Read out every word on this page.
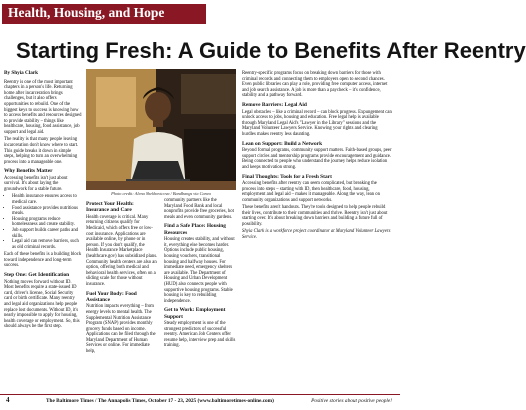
Health, Housing, and Hope
Starting Fresh: A Guide to Benefits After Reentry

By Shyia Clark

Reentry is one of the most important chapters in a person's life. Returning home after incarceration brings challenges, but it also offers opportunities to rebuild. One of the biggest keys to success is knowing how to access benefits and resources designed to provide stability – things like healthcare, housing, food assistance, job support and legal aid.

The reality is that many people leaving incarceration don't know where to start. This guide breaks it down in simple steps, helping to turn an overwhelming process into a manageable one.

Why Benefits Matter

Accessing benefits isn't just about survival. It's about laying the groundwork for a stable future.

• Health insurance ensures access to medical care.
• Food assistance provides nutritious meals.
• Housing programs reduce homelessness and create stability.
• Job support builds career paths and skills.
• Legal aid can remove barriers, such as old criminal records.

Each of these benefits is a building block toward independence and long-term success.

Step One: Get Identification

Nothing moves forward without ID. Most benefits require a state-issued ID card, driver's license, Social Security card or birth certificate. Many reentry and legal aid organizations help people replace lost documents. Without ID, it's nearly impossible to apply for housing, health coverage or employment. So, this should always be the first step.

Photo credit: Alena Shekhovtcova / Bandbangs via Canva
Protect Your Health: Insurance and Care

Health coverage is critical. Many returning citizens qualify for Medicaid, which offers free or low-cost insurance. Applications are available online, by phone or in person. If you don't qualify, the Health Insurance Marketplace (healthcare.gov) has subsidized plans. Community health centers are also an option, offering both medical and behavioral health services, often on a sliding scale for those without insurance.

Fuel Your Body: Food Assistance

Nutrition impacts everything – from energy levels to mental health. The Supplemental Nutrition Assistance Program (SNAP) provides monthly grocery funds based on income. Applications can be filed through the Maryland Department of Human Services or online. For immediate help,

community partners like the Maryland Food Bank and local nonprofits provide free groceries, hot meals and even community gardens.

Find a Safe Place: Housing Resources

Housing creates stability, and without it, everything else becomes harder. Options include public housing, housing vouchers, transitional housing and halfway houses. For immediate need, emergency shelters are available. The Department of Housing and Urban Development (HUD) also connects people with supportive housing programs. Stable housing is key to rebuilding independence.

Get to Work: Employment Support

Steady employment is one of the strongest predictors of successful reentry. American Job Centers offer resume help, interview prep and skills training.

Reentry-specific programs focus on breaking down barriers for those with criminal records and connecting them to employers open to second chances. Even public libraries can play a role, providing free computer access, internet and job search assistance. A job is more than a paycheck – it's confidence, stability and a pathway forward.

Remove Barriers: Legal Aid

Legal obstacles – like a criminal record – can block progress. Expungement can unlock access to jobs, housing and education. Free legal help is available through Maryland Legal Aid's "Lawyer in the Library" sessions and the Maryland Volunteer Lawyers Service. Knowing your rights and clearing hurdles makes reentry less daunting.

Lean on Support: Build a Network

Beyond formal programs, community support matters. Faith-based groups, peer support circles and mentorship programs provide encouragement and guidance. Being connected to people who understand the journey helps reduce isolation and keeps motivation strong.

Final Thoughts: Tools for a Fresh Start

Accessing benefits after reentry can seem complicated, but breaking the process into steps – starting with ID, then healthcare, food, housing, employment and legal aid – makes it manageable. Along the way, lean on community organizations and support networks.

These benefits aren't handouts. They're tools designed to help people rebuild their lives, contribute to their communities and thrive. Reentry isn't just about starting over. It's about breaking down barriers and building a future full of possibility.

Shyia Clark is a workforce project coordinator at Maryland Volunteer Lawyers Service.

4	The Baltimore Times / The Annapolis Times, October 17 - 23, 2025 (www.baltimoretimes-online.com)	Positive stories about positive people!
